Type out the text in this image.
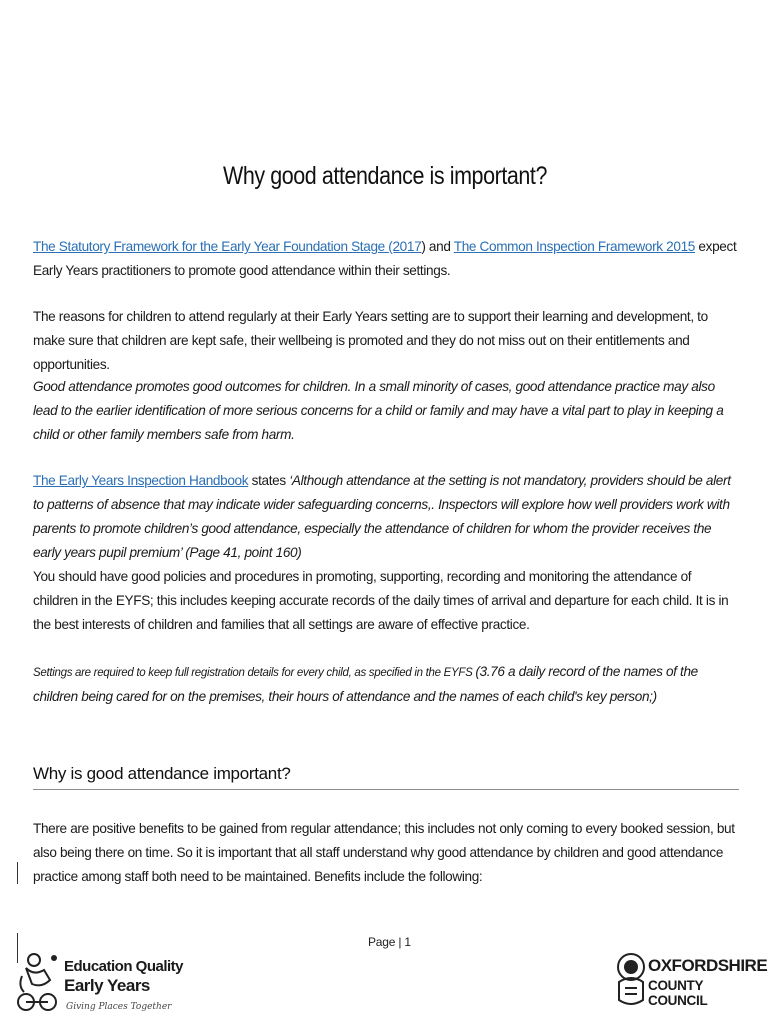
Why good attendance is important?
The Statutory Framework for the Early Year Foundation Stage (2017) and The Common Inspection Framework 2015 expect Early Years practitioners to promote good attendance within their settings.
The reasons for children to attend regularly at their Early Years setting are to support their learning and development, to make sure that children are kept safe, their wellbeing is promoted and they do not miss out on their entitlements and opportunities.
Good attendance promotes good outcomes for children. In a small minority of cases, good attendance practice may also lead to the earlier identification of more serious concerns for a child or family and may have a vital part to play in keeping a child or other family members safe from harm.
The Early Years Inspection Handbook states ‘Although attendance at the setting is not mandatory, providers should be alert to patterns of absence that may indicate wider safeguarding concerns,. Inspectors will explore how well providers work with parents to promote children’s good attendance, especially the attendance of children for whom the provider receives the early years pupil premium’ (Page 41, point 160)
You should have good policies and procedures in promoting, supporting, recording and monitoring the attendance of children in the EYFS; this includes keeping accurate records of the daily times of arrival and departure for each child. It is in the best interests of children and families that all settings are aware of effective practice.
Settings are required to keep full registration details for every child, as specified in the EYFS (3.76 a daily record of the names of the children being cared for on the premises, their hours of attendance and the names of each child's key person;)
Why is good attendance important?
There are positive benefits to be gained from regular attendance; this includes not only coming to every booked session, but also being there on time. So it is important that all staff understand why good attendance by children and good attendance practice among staff both need to be maintained. Benefits include the following:
Page | 1
Education Quality
Early Years
Giving Places Together
OXFORDSHIRE
COUNTY COUNCIL
